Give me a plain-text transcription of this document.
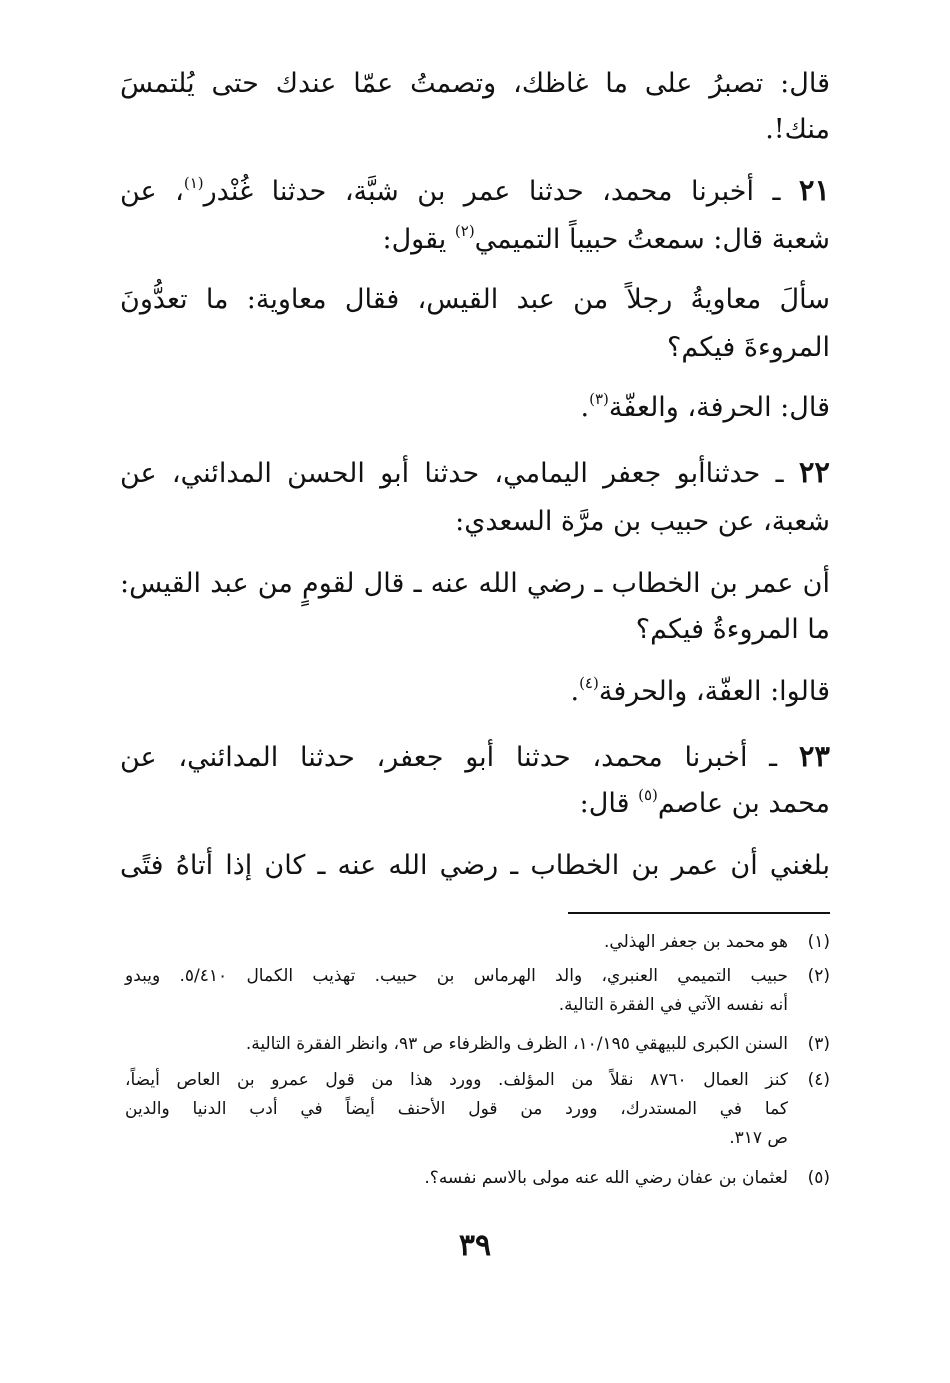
قال: تصبرُ على ما غاظك، وتصمتُ عمّا عندك حتى يُلتمسَ
منك!.
٢١ ـ أخبرنا محمد، حدثنا عمر بن شبَّة، حدثنا غُنْدر$^{(١)}$، عن
شعبة قال: سمعتُ حبيباً التميمي$^{(٢)}$ يقول:
سألَ معاويةُ رجلاً من عبد القيس، فقال معاوية: ما تعدُّونَ
المروءةَ فيكم؟
قال: الحرفة، والعفّة$^{(٣)}$.
٢٢ ـ حدثناأبو جعفر اليمامي، حدثنا أبو الحسن المدائني، عن
شعبة، عن حبيب بن مرَّة السعدي:
أن عمر بن الخطاب ـ رضي الله عنه ـ قال لقومٍ من عبد القيس:
ما المروءةُ فيكم؟
قالوا: العفّة، والحرفة$^{(٤)}$.
٢٣ ـ أخبرنا محمد، حدثنا أبو جعفر، حدثنا المدائني، عن
محمد بن عاصم$^{(٥)}$ قال:
بلغني أن عمر بن الخطاب ـ رضي الله عنه ـ كان إذا أتاهُ فتًى
(١)
هو محمد بن جعفر الهذلي.
(٢)
حبيب التميمي العنبري، والد الهرماس بن حبيب. تهذيب الكمال ٥/٤١٠. ويبدو
أنه نفسه الآتي في الفقرة التالية.
(٣)
السنن الكبرى للبيهقي ١٠/١٩٥، الظرف والظرفاء ص ٩٣، وانظر الفقرة التالية.
(٤)
كنز العمال ٨٧٦٠ نقلاً من المؤلف. وورد هذا من قول عمرو بن العاص أيضاً،
كما في المستدرك، وورد من قول الأحنف أيضاً في أدب الدنيا والدين
ص ٣١٧.
(٥)
لعثمان بن عفان رضي الله عنه مولى بالاسم نفسه؟.
٣٩
